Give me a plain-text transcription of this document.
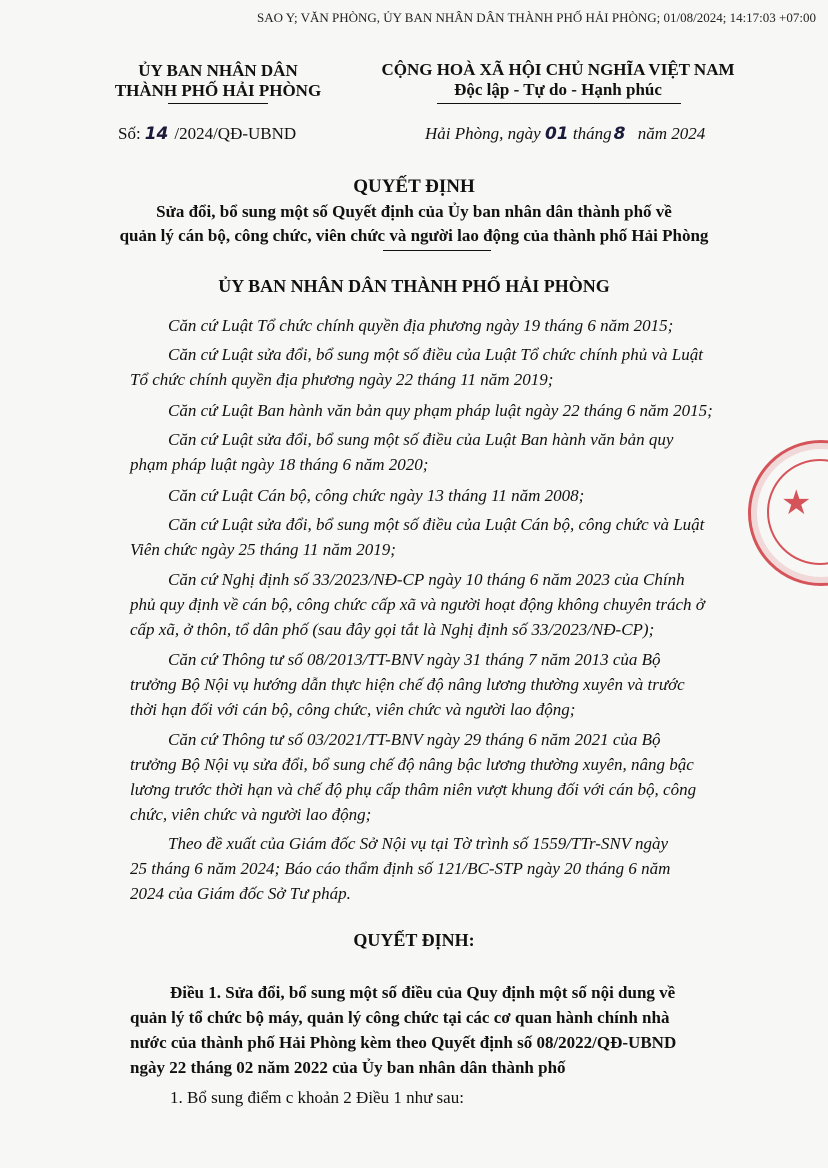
SAO Y; VĂN PHÒNG, ỦY BAN NHÂN DÂN THÀNH PHỐ HẢI PHÒNG; 01/08/2024; 14:17:03 +07:00
ỦY BAN NHÂN DÂN
THÀNH PHỐ HẢI PHÒNG
CỘNG HOÀ XÃ HỘI CHỦ NGHĨA VIỆT NAM
Độc lập - Tự do - Hạnh phúc
Số: 14 /2024/QĐ-UBND	Hải Phòng, ngày 01 tháng 8 năm 2024
QUYẾT ĐỊNH
Sửa đổi, bổ sung một số Quyết định của Ủy ban nhân dân thành phố về
quản lý cán bộ, công chức, viên chức và người lao động của thành phố Hải Phòng
ỦY BAN NHÂN DÂN THÀNH PHỐ HẢI PHÒNG
Căn cứ Luật Tổ chức chính quyền địa phương ngày 19 tháng 6 năm 2015;
Căn cứ Luật sửa đổi, bổ sung một số điều của Luật Tổ chức chính phủ và Luật
Tổ chức chính quyền địa phương ngày 22 tháng 11 năm 2019;
Căn cứ Luật Ban hành văn bản quy phạm pháp luật ngày 22 tháng 6 năm 2015;
Căn cứ Luật sửa đổi, bổ sung một số điều của Luật Ban hành văn bản quy
phạm pháp luật ngày 18 tháng 6 năm 2020;
Căn cứ Luật Cán bộ, công chức ngày 13 tháng 11 năm 2008;
Căn cứ Luật sửa đổi, bổ sung một số điều của Luật Cán bộ, công chức và Luật
Viên chức ngày 25 tháng 11 năm 2019;
Căn cứ Nghị định số 33/2023/NĐ-CP ngày 10 tháng 6 năm 2023 của Chính
phủ quy định về cán bộ, công chức cấp xã và người hoạt động không chuyên trách ở
cấp xã, ở thôn, tổ dân phố (sau đây gọi tắt là Nghị định số 33/2023/NĐ-CP);
Căn cứ Thông tư số 08/2013/TT-BNV ngày 31 tháng 7 năm 2013 của Bộ
trưởng Bộ Nội vụ hướng dẫn thực hiện chế độ nâng lương thường xuyên và trước
thời hạn đối với cán bộ, công chức, viên chức và người lao động;
Căn cứ Thông tư số 03/2021/TT-BNV ngày 29 tháng 6 năm 2021 của Bộ
trưởng Bộ Nội vụ sửa đổi, bổ sung chế độ nâng bậc lương thường xuyên, nâng bậc
lương trước thời hạn và chế độ phụ cấp thâm niên vượt khung đối với cán bộ, công
chức, viên chức và người lao động;
Theo đề xuất của Giám đốc Sở Nội vụ tại Tờ trình số 1559/TTr-SNV ngày
25 tháng 6 năm 2024; Báo cáo thẩm định số 121/BC-STP ngày 20 tháng 6 năm
2024 của Giám đốc Sở Tư pháp.
QUYẾT ĐỊNH:
Điều 1. Sửa đổi, bổ sung một số điều của Quy định một số nội dung về
quản lý tổ chức bộ máy, quản lý công chức tại các cơ quan hành chính nhà
nước của thành phố Hải Phòng kèm theo Quyết định số 08/2022/QĐ-UBND
ngày 22 tháng 02 năm 2022 của Ủy ban nhân dân thành phố
1. Bổ sung điểm c khoản 2 Điều 1 như sau:
★
